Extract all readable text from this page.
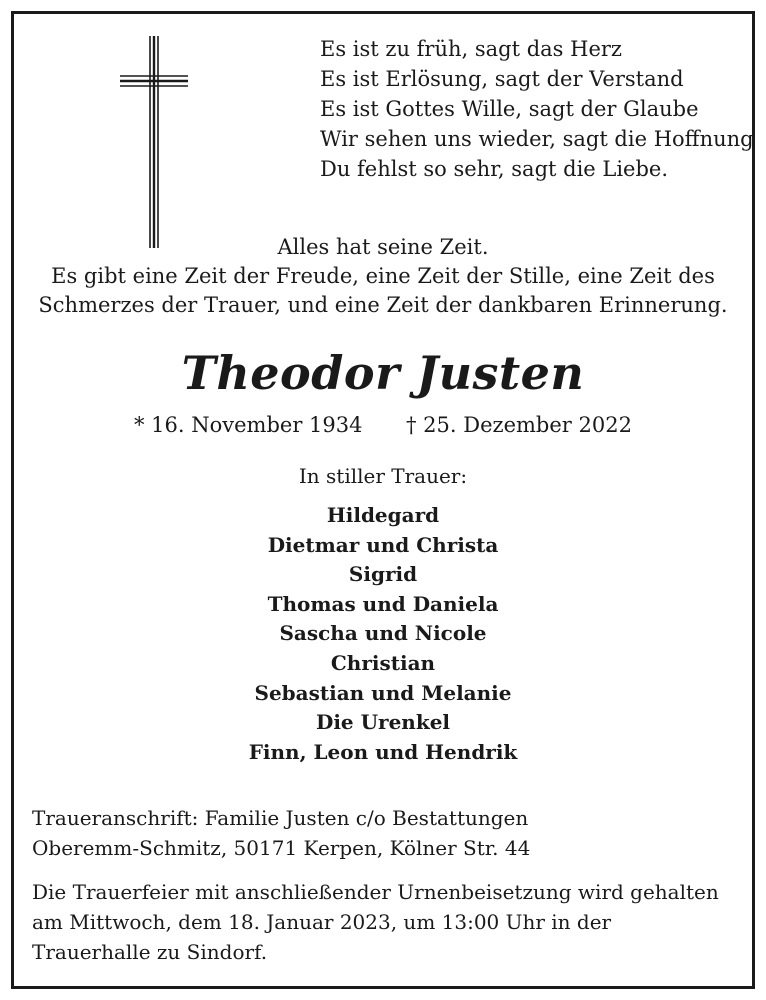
Es ist zu früh, sagt das Herz
Es ist Erlösung, sagt der Verstand
Es ist Gottes Wille, sagt der Glaube
Wir sehen uns wieder, sagt die Hoffnung
Du fehlst so sehr, sagt die Liebe.
Alles hat seine Zeit.
Es gibt eine Zeit der Freude, eine Zeit der Stille, eine Zeit des
Schmerzes der Trauer, und eine Zeit der dankbaren Erinnerung.
Theodor Justen
* 16. November 1934 † 25. Dezember 2022
In stiller Trauer:
Hildegard
Dietmar und Christa
Sigrid
Thomas und Daniela
Sascha und Nicole
Christian
Sebastian und Melanie
Die Urenkel
Finn, Leon und Hendrik
Traueranschrift: Familie Justen c/o Bestattungen
Oberemm-Schmitz, 50171 Kerpen, Kölner Str. 44
Die Trauerfeier mit anschließender Urnenbeisetzung wird gehalten
am Mittwoch, dem 18. Januar 2023, um 13:00 Uhr in der
Trauerhalle zu Sindorf.
